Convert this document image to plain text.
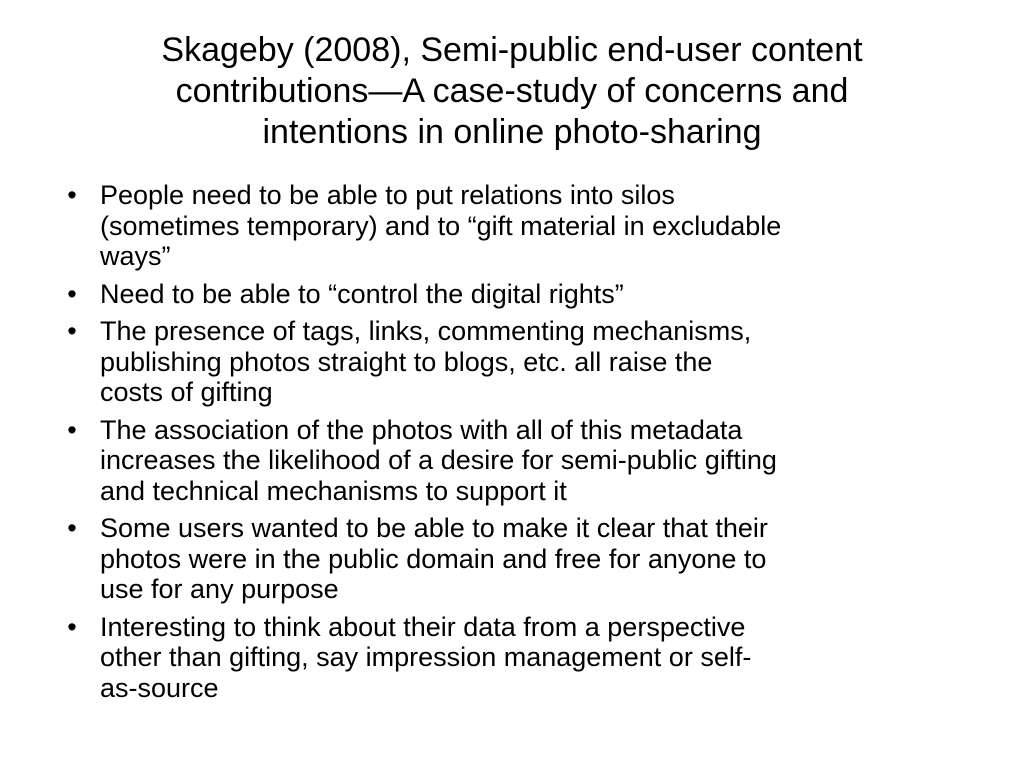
Skageby (2008), Semi-public end-user content
contributions—A case-study of concerns and
intentions in online photo-sharing
• People need to be able to put relations into silos
(sometimes temporary) and to “gift material in excludable
ways”
• Need to be able to “control the digital rights”
• The presence of tags, links, commenting mechanisms,
publishing photos straight to blogs, etc. all raise the
costs of gifting
• The association of the photos with all of this metadata
increases the likelihood of a desire for semi-public gifting
and technical mechanisms to support it
• Some users wanted to be able to make it clear that their
photos were in the public domain and free for anyone to
use for any purpose
• Interesting to think about their data from a perspective
other than gifting, say impression management or self-
as-source
